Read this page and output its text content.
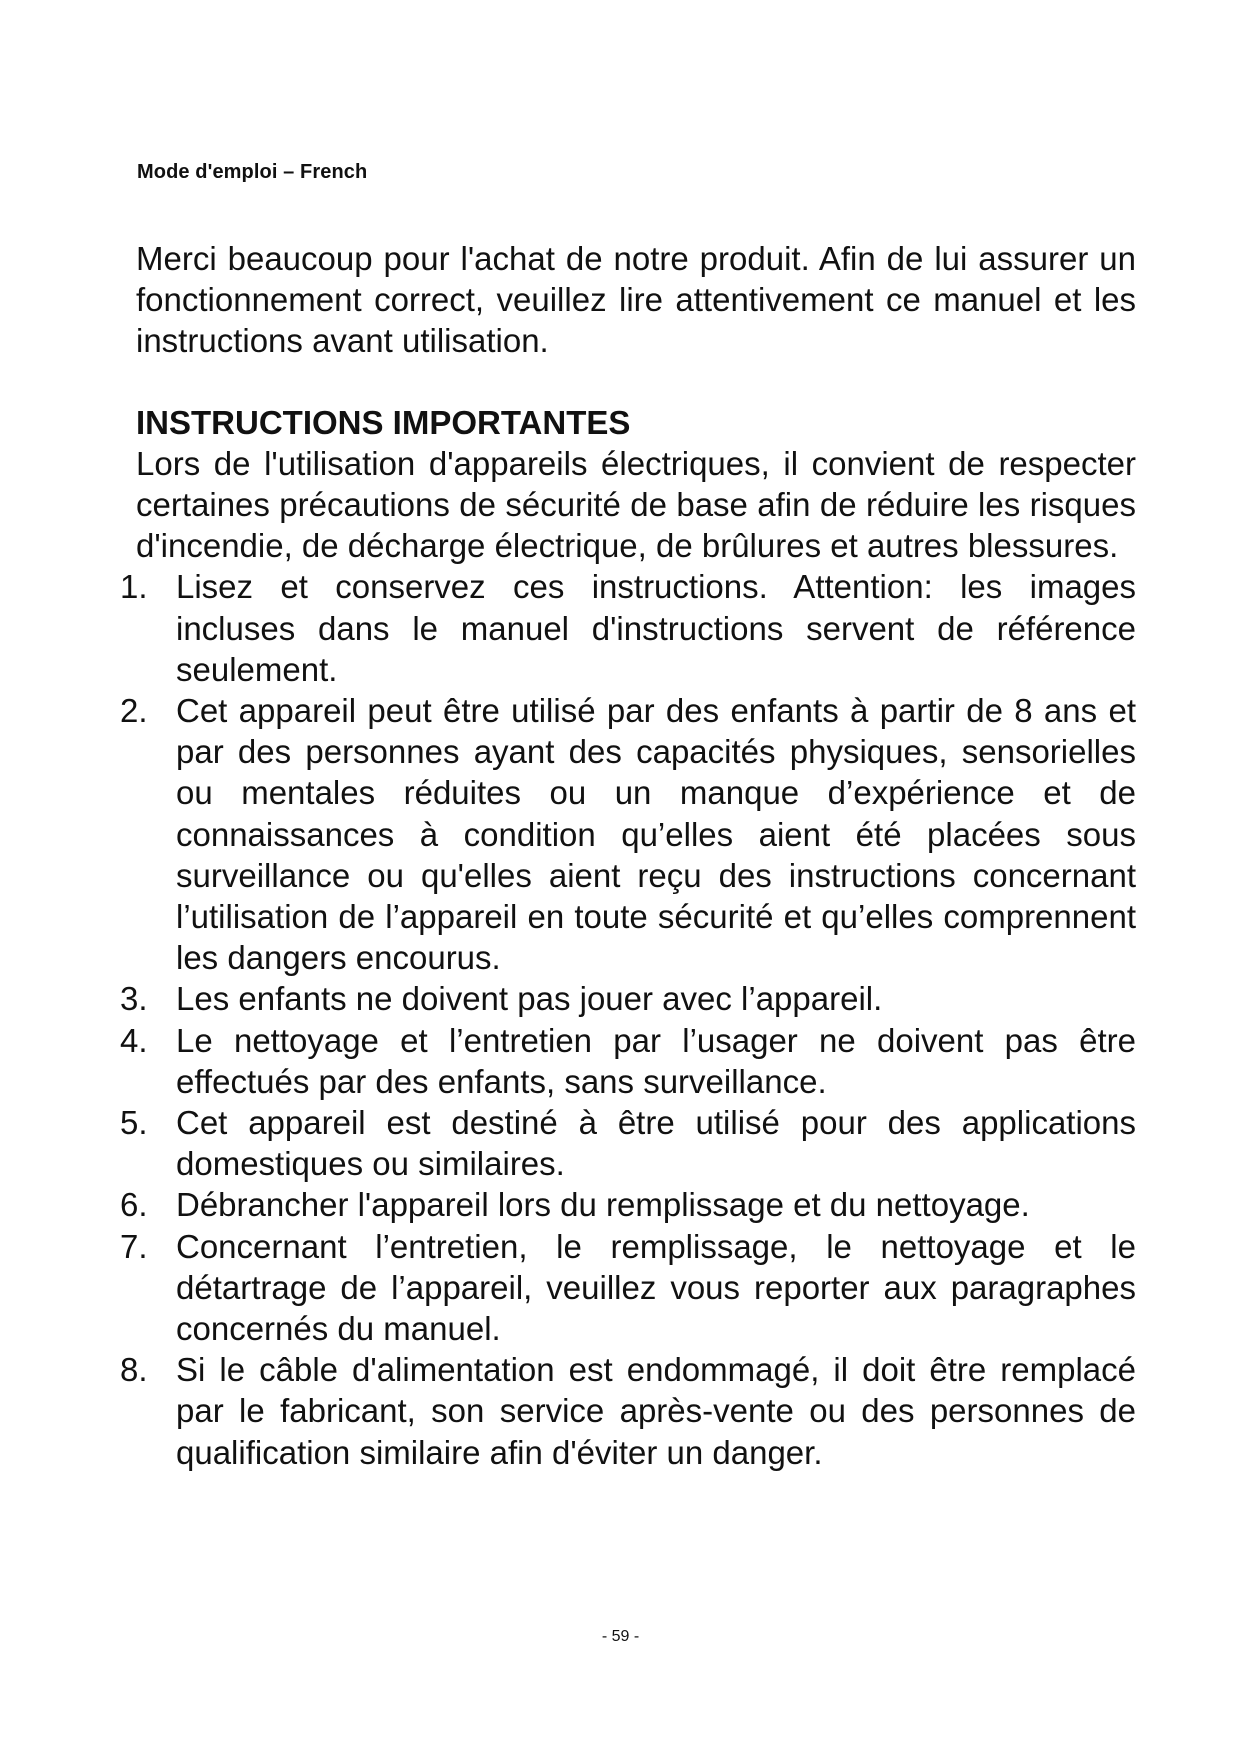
Mode d'emploi – French

Merci beaucoup pour l'achat de notre produit. Afin de lui assurer un fonctionnement correct, veuillez lire attentivement ce manuel et les instructions avant utilisation.

INSTRUCTIONS IMPORTANTES

Lors de l'utilisation d'appareils électriques, il convient de respecter certaines précautions de sécurité de base afin de réduire les risques d'incendie, de décharge électrique, de brûlures et autres blessures.

1. Lisez et conservez ces instructions. Attention: les images incluses dans le manuel d'instructions servent de référence seulement.
2. Cet appareil peut être utilisé par des enfants à partir de 8 ans et par des personnes ayant des capacités physiques, sensorielles ou mentales réduites ou un manque d’expérience et de connaissances à condition qu’elles aient été placées sous surveillance ou qu'elles aient reçu des instructions concernant l’utilisation de l’appareil en toute sécurité et qu’elles comprennent les dangers encourus.
3. Les enfants ne doivent pas jouer avec l’appareil.
4. Le nettoyage et l’entretien par l’usager ne doivent pas être effectués par des enfants, sans surveillance.
5. Cet appareil est destiné à être utilisé pour des applications domestiques ou similaires.
6. Débrancher l'appareil lors du remplissage et du nettoyage.
7. Concernant l’entretien, le remplissage, le nettoyage et le détartrage de l’appareil, veuillez vous reporter aux paragraphes concernés du manuel.
8. Si le câble d'alimentation est endommagé, il doit être remplacé par le fabricant, son service après-vente ou des personnes de qualification similaire afin d'éviter un danger.
- 59 -
